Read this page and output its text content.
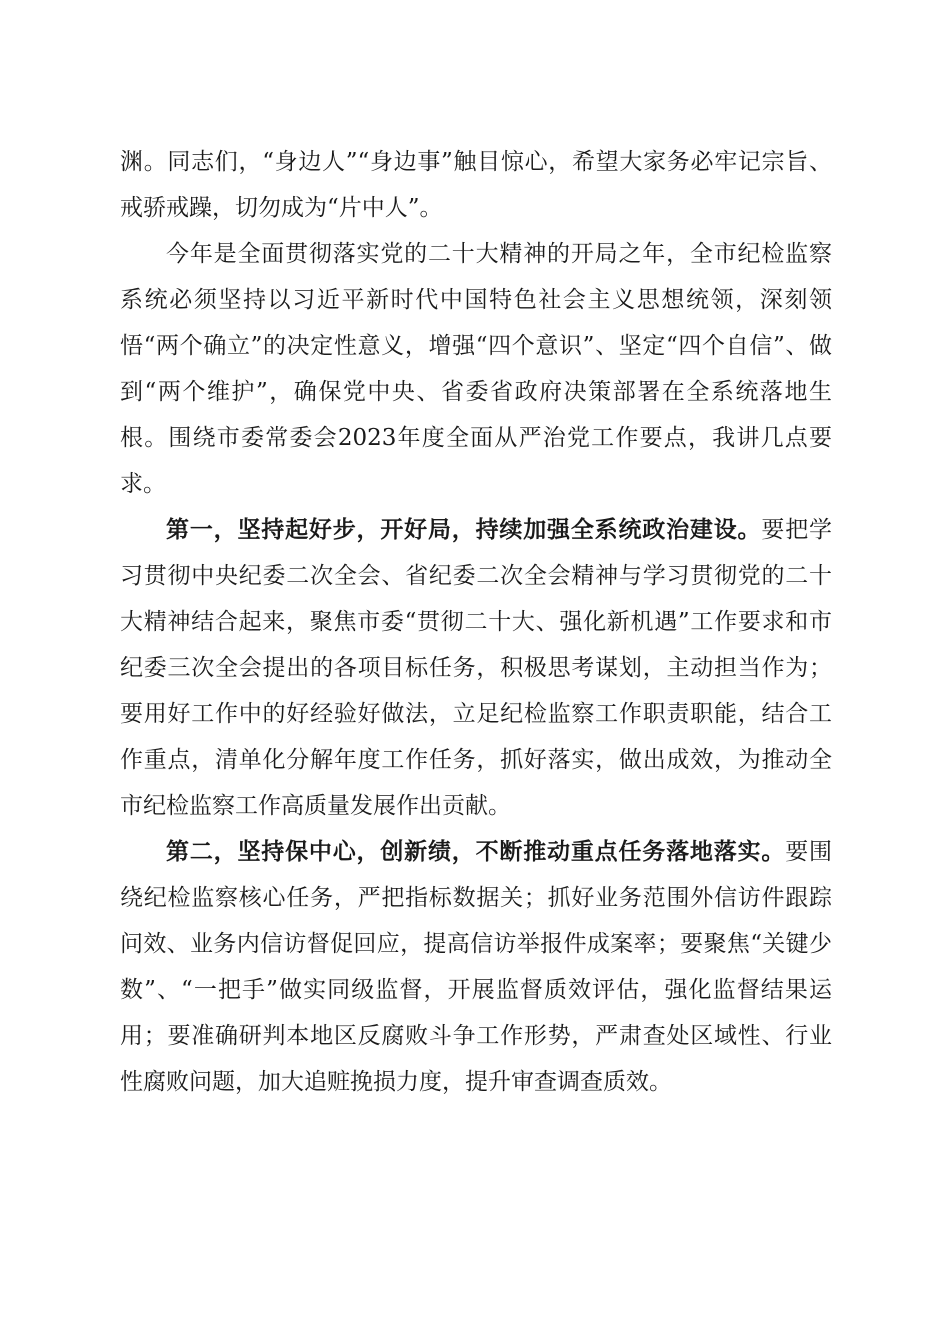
渊。同志们，“身边人”“身边事”触目惊心，希望大家务必牢记宗旨、戒骄戒躁，切勿成为“片中人”。

今年是全面贯彻落实党的二十大精神的开局之年，全市纪检监察系统必须坚持以习近平新时代中国特色社会主义思想统领，深刻领悟“两个确立”的决定性意义，增强“四个意识”、坚定“四个自信”、做到“两个维护”，确保党中央、省委省政府决策部署在全系统落地生根。围绕市委常委会2023年度全面从严治党工作要点，我讲几点要求。

第一，坚持起好步，开好局，持续加强全系统政治建设。要把学习贯彻中央纪委二次全会、省纪委二次全会精神与学习贯彻党的二十大精神结合起来，聚焦市委“贯彻二十大、强化新机遇”工作要求和市纪委三次全会提出的各项目标任务，积极思考谋划，主动担当作为；要用好工作中的好经验好做法，立足纪检监察工作职责职能，结合工作重点，清单化分解年度工作任务，抓好落实，做出成效，为推动全市纪检监察工作高质量发展作出贡献。

第二，坚持保中心，创新绩，不断推动重点任务落地落实。要围绕纪检监察核心任务，严把指标数据关；抓好业务范围外信访件跟踪问效、业务内信访督促回应，提高信访举报件成案率；要聚焦“关键少数”、“一把手”做实同级监督，开展监督质效评估，强化监督结果运用；要准确研判本地区反腐败斗争工作形势，严肃查处区域性、行业性腐败问题，加大追赃挽损力度，提升审查调查质效。
